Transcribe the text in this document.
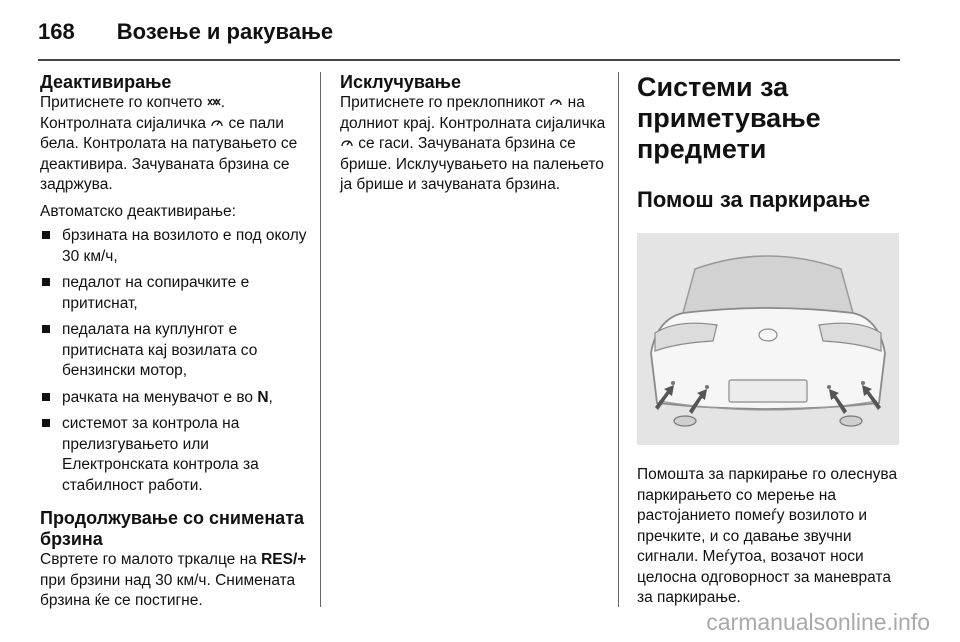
168 Возење и ракување
Деактивирање

Притиснете го копчето .

Контролната сијаличка  се пали бела. Контролата на патувањето се деактивира. Зачуваната брзина се задржува.

Автоматско деактивирање:

брзината на возилото е под околу 30 км/ч,
педалот на сопирачките е притиснат,
педалата на куплунгот е притисната кај возилата со бензински мотор,
рачката на менувачот е во N,
системот за контрола на прелизгувањето или Електронската контрола за стабилност работи.
Продолжување со снимената брзина

Свртете го малото тркалце на RES/+ при брзини над 30 км/ч. Снимената брзина ќе се постигне.

Исклучување

Притиснете го преклопникот  на долниот крај. Контролната сијаличка  се гаси. Зачуваната брзина се брише. Исклучувањето на палењето ја брише и зачуваната брзина.

Системи за приметување предмети

Помош за паркирање

Помошта за паркирање го олеснува паркирањето со мерење на растојанието помеѓу возилото и пречките, и со давање звучни сигнали. Меѓутоа, возачот носи целосна одговорност за маневрата за паркирање.

carmanualsonline.info
